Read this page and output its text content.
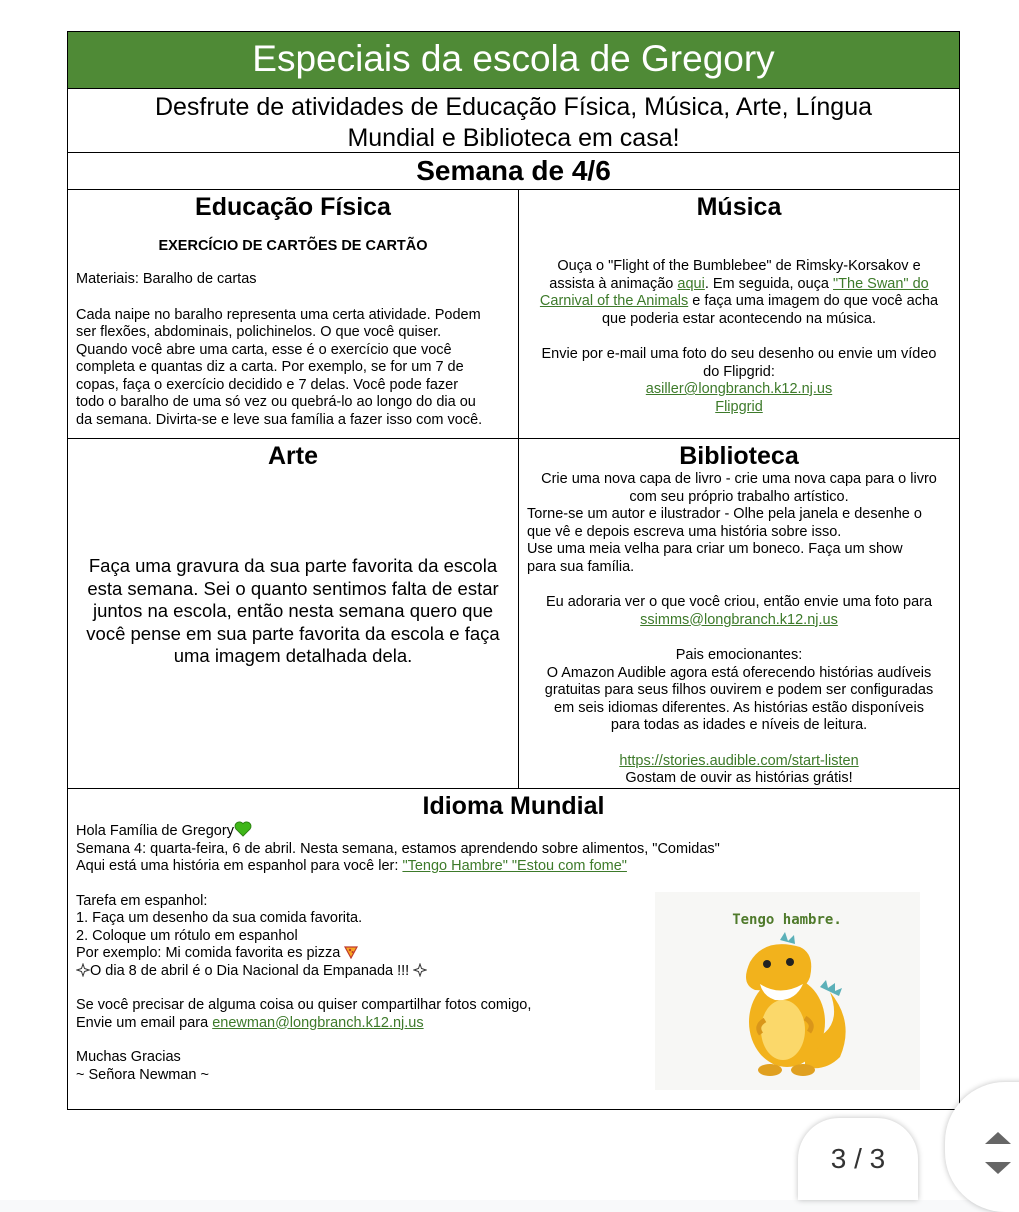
Especiais da escola de Gregory
Desfrute de atividades de Educação Física, Música, Arte, Língua
Mundial e Biblioteca em casa!
Semana de 4/6
Educação Física
EXERCÍCIO DE CARTÕES DE CARTÃO
Materiais: Baralho de cartas
Cada naipe no baralho representa uma certa atividade. Podem
ser flexões, abdominais, polichinelos. O que você quiser.
Quando você abre uma carta, esse é o exercício que você
completa e quantas diz a carta. Por exemplo, se for um 7 de
copas, faça o exercício decidido e 7 delas. Você pode fazer
todo o baralho de uma só vez ou quebrá-lo ao longo do dia ou
da semana. Divirta-se e leve sua família a fazer isso com você.
Música
Ouça o "Flight of the Bumblebee" de Rimsky-Korsakov e
assista à animação aqui. Em seguida, ouça "The Swan" do
Carnival of the Animals e faça uma imagem do que você acha
que poderia estar acontecendo na música.
Envie por e-mail uma foto do seu desenho ou envie um vídeo
do Flipgrid:
asiller@longbranch.k12.nj.us
Flipgrid
Arte
Faça uma gravura da sua parte favorita da escola
esta semana. Sei o quanto sentimos falta de estar
juntos na escola, então nesta semana quero que
você pense em sua parte favorita da escola e faça
uma imagem detalhada dela.
Biblioteca
Crie uma nova capa de livro - crie uma nova capa para o livro
com seu próprio trabalho artístico.
Torne-se um autor e ilustrador - Olhe pela janela e desenhe o
que vê e depois escreva uma história sobre isso.
Use uma meia velha para criar um boneco. Faça um show
para sua família.
Eu adoraria ver o que você criou, então envie uma foto para
ssimms@longbranch.k12.nj.us
Pais emocionantes:
O Amazon Audible agora está oferecendo histórias audíveis
gratuitas para seus filhos ouvirem e podem ser configuradas
em seis idiomas diferentes. As histórias estão disponíveis
para todas as idades e níveis de leitura.
https://stories.audible.com/start-listen
Gostam de ouvir as histórias grátis!
Idioma Mundial
Hola Família de Gregory
Semana 4: quarta-feira, 6 de abril. Nesta semana, estamos aprendendo sobre alimentos, "Comidas"
Aqui está uma história em espanhol para você ler: "Tengo Hambre" "Estou com fome"
Tarefa em espanhol:
1. Faça um desenho da sua comida favorita.
2. Coloque um rótulo em espanhol
Por exemplo: Mi comida favorita es pizza
O dia 8 de abril é o Dia Nacional da Empanada !!!
Se você precisar de alguma coisa ou quiser compartilhar fotos comigo,
Envie um email para enewman@longbranch.k12.nj.us
Muchas Gracias
~ Señora Newman ~
Tengo hambre.
3 / 3
